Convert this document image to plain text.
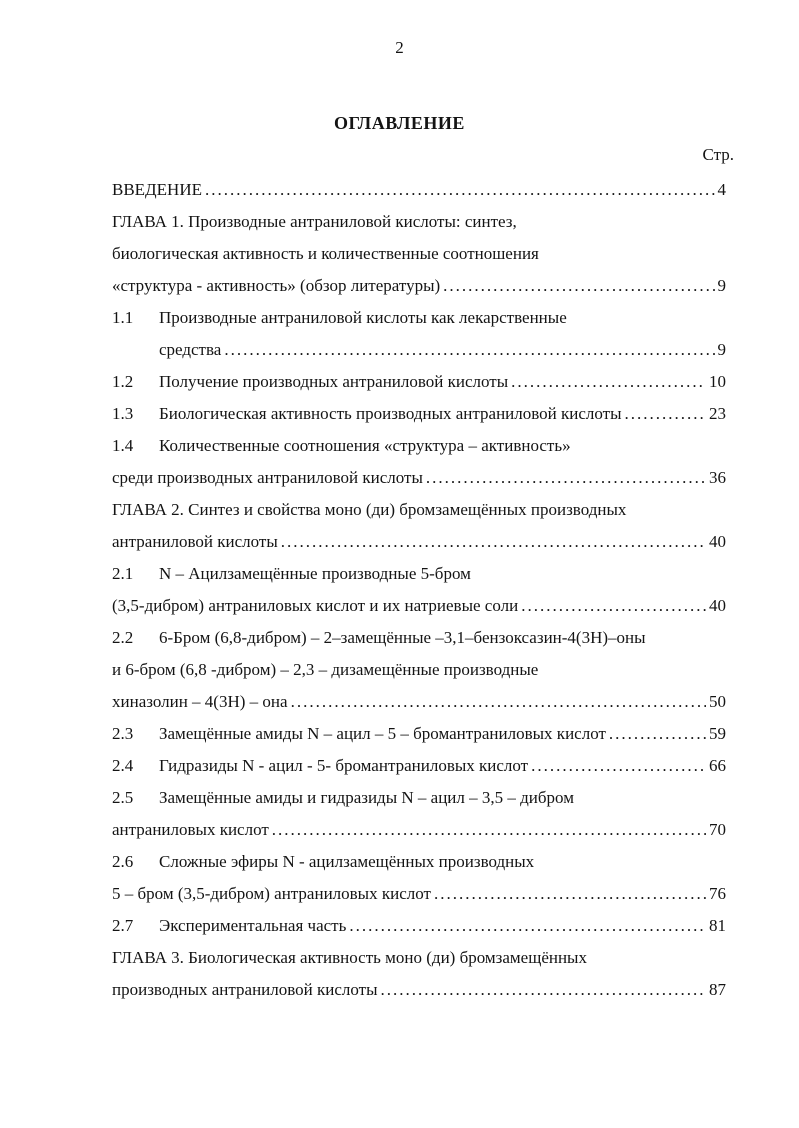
2
ОГЛАВЛЕНИЕ
Стр.
ВВЕДЕНИЕ .....	4
ГЛАВА 1. Производные антраниловой кислоты: синтез,
биологическая активность и количественные соотношения
«структура - активность» (обзор литературы) .....	9
1.1	Производные антраниловой кислоты как лекарственные
средства .....	9
1.2	Получение производных антраниловой кислоты .....	10
1.3	Биологическая активность производных антраниловой кислоты .....	23
1.4	Количественные соотношения «структура – активность»
среди производных антраниловой кислоты .....	36
ГЛАВА 2. Синтез и свойства моно (ди) бромзамещённых производных
антраниловой кислоты .....	40
2.1	N – Ацилзамещённые производные 5-бром
(3,5-дибром) антраниловых кислот и их натриевые соли .....	40
2.2	6-Бром (6,8-дибром) – 2–замещённые –3,1–бензоксазин-4(3Н)–оны
и 6-бром (6,8 -дибром) – 2,3 – дизамещённые производные
хиназолин – 4(3Н) – она .....	50
2.3	Замещённые амиды N – ацил – 5 – бромантраниловых кислот .....	59
2.4	Гидразиды N - ацил - 5- бромантраниловых кислот .....	66
2.5	Замещённые амиды и гидразиды N – ацил – 3,5 – дибром
антраниловых кислот .....	70
2.6	Сложные эфиры N - ацилзамещённых производных
5 – бром (3,5-дибром) антраниловых кислот .....	76
2.7	Экспериментальная часть .....	81
ГЛАВА 3. Биологическая активность моно (ди) бромзамещённых
производных антраниловой кислоты .....	87
